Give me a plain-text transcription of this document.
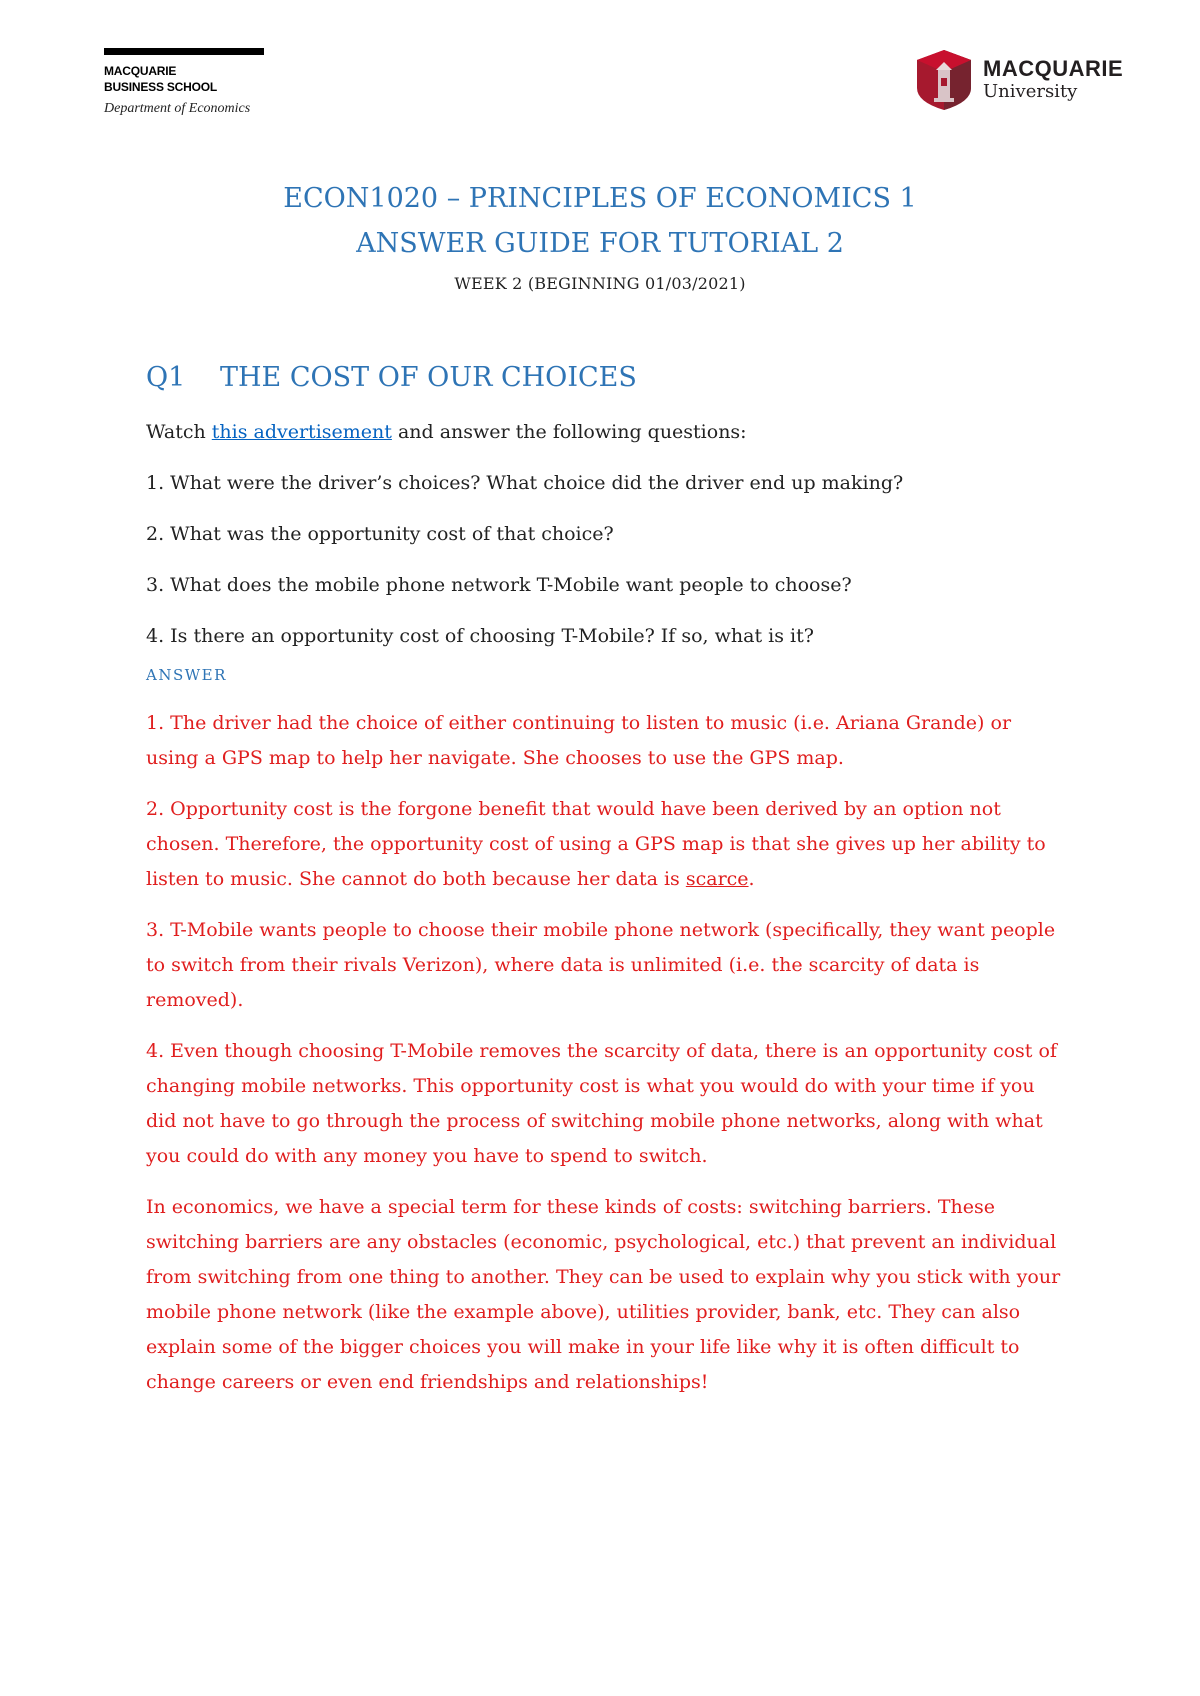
MACQUARIE
BUSINESS SCHOOL
Department of Economics
MACQUARIE
University
ECON1020 – PRINCIPLES OF ECONOMICS 1
ANSWER GUIDE FOR TUTORIAL 2
WEEK 2 (BEGINNING 01/03/2021)
Q1	THE COST OF OUR CHOICES

Watch this advertisement and answer the following questions:

1. What were the driver’s choices? What choice did the driver end up making?

2. What was the opportunity cost of that choice?

3. What does the mobile phone network T-Mobile want people to choose?

4. Is there an opportunity cost of choosing T-Mobile? If so, what is it?

ANSWER

1. The driver had the choice of either continuing to listen to music (i.e. Ariana Grande) or using a GPS map to help her navigate. She chooses to use the GPS map.

2. Opportunity cost is the forgone benefit that would have been derived by an option not chosen. Therefore, the opportunity cost of using a GPS map is that she gives up her ability to listen to music. She cannot do both because her data is scarce.

3. T-Mobile wants people to choose their mobile phone network (specifically, they want people to switch from their rivals Verizon), where data is unlimited (i.e. the scarcity of data is removed).

4. Even though choosing T-Mobile removes the scarcity of data, there is an opportunity cost of changing mobile networks. This opportunity cost is what you would do with your time if you did not have to go through the process of switching mobile phone networks, along with what you could do with any money you have to spend to switch.

In economics, we have a special term for these kinds of costs: switching barriers. These switching barriers are any obstacles (economic, psychological, etc.) that prevent an individual from switching from one thing to another. They can be used to explain why you stick with your mobile phone network (like the example above), utilities provider, bank, etc. They can also explain some of the bigger choices you will make in your life like why it is often difficult to change careers or even end friendships and relationships!
